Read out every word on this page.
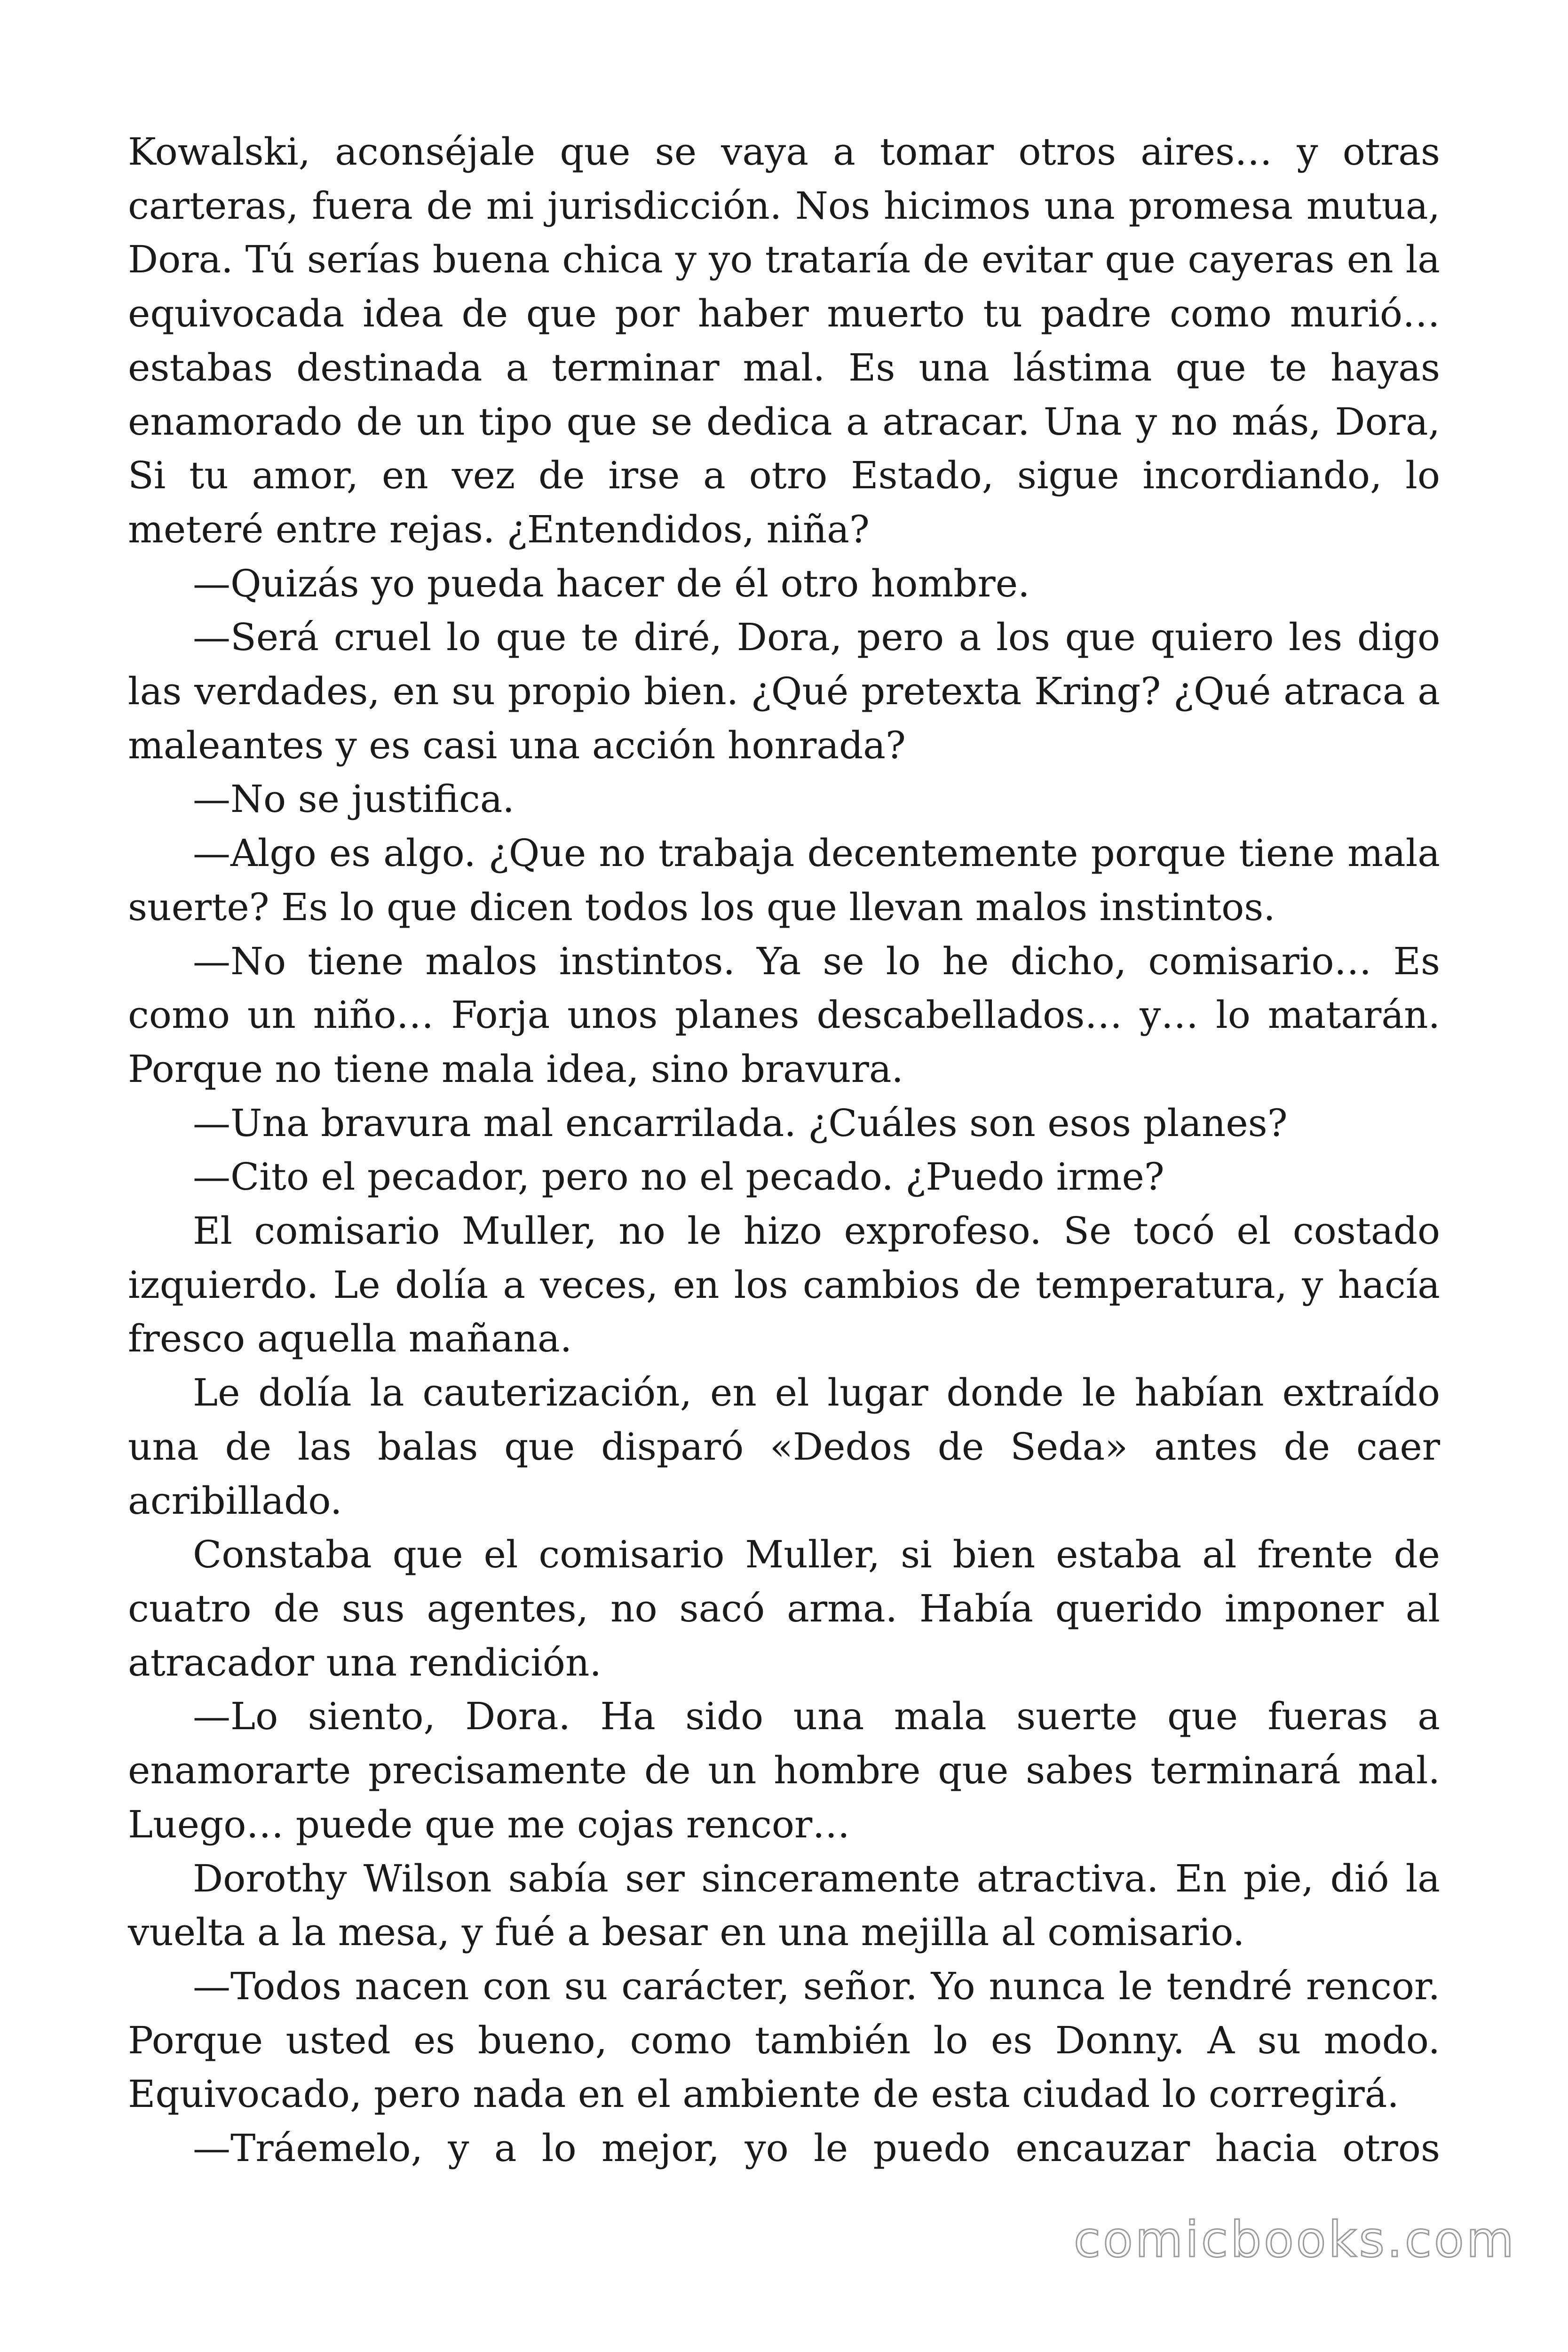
Kowalski, aconséjale que se vaya a tomar otros aires… y otras carteras, fuera de mi jurisdicción. Nos hicimos una promesa mutua, Dora. Tú serías buena chica y yo trataría de evitar que cayeras en la equivocada idea de que por haber muerto tu padre como murió… estabas destinada a terminar mal. Es una lástima que te hayas enamorado de un tipo que se dedica a atracar. Una y no más, Dora, Si tu amor, en vez de irse a otro Estado, sigue incordiando, lo meteré entre rejas. ¿Entendidos, niña?

—Quizás yo pueda hacer de él otro hombre.

—Será cruel lo que te diré, Dora, pero a los que quiero les digo las verdades, en su propio bien. ¿Qué pretexta Kring? ¿Qué atraca a maleantes y es casi una acción honrada?

—No se justifica.

—Algo es algo. ¿Que no trabaja decentemente porque tiene mala suerte? Es lo que dicen todos los que llevan malos instintos.

—No tiene malos instintos. Ya se lo he dicho, comisario… Es como un niño… Forja unos planes descabellados… y… lo matarán. Porque no tiene mala idea, sino bravura.

—Una bravura mal encarrilada. ¿Cuáles son esos planes?

—Cito el pecador, pero no el pecado. ¿Puedo irme?

El comisario Muller, no le hizo exprofeso. Se tocó el costado izquierdo. Le dolía a veces, en los cambios de temperatura, y hacía fresco aquella mañana.

Le dolía la cauterización, en el lugar donde le habían extraído una de las balas que disparó «Dedos de Seda» antes de caer acribillado.

Constaba que el comisario Muller, si bien estaba al frente de cuatro de sus agentes, no sacó arma. Había querido imponer al atracador una rendición.

—Lo siento, Dora. Ha sido una mala suerte que fueras a enamorarte precisamente de un hombre que sabes terminará mal. Luego… puede que me cojas rencor…

Dorothy Wilson sabía ser sinceramente atractiva. En pie, dió la vuelta a la mesa, y fué a besar en una mejilla al comisario.

—Todos nacen con su carácter, señor. Yo nunca le tendré rencor. Porque usted es bueno, como también lo es Donny. A su modo. Equivocado, pero nada en el ambiente de esta ciudad lo corregirá.

—Tráemelo, y a lo mejor, yo le puedo encauzar hacia otros

comicbooks.com
